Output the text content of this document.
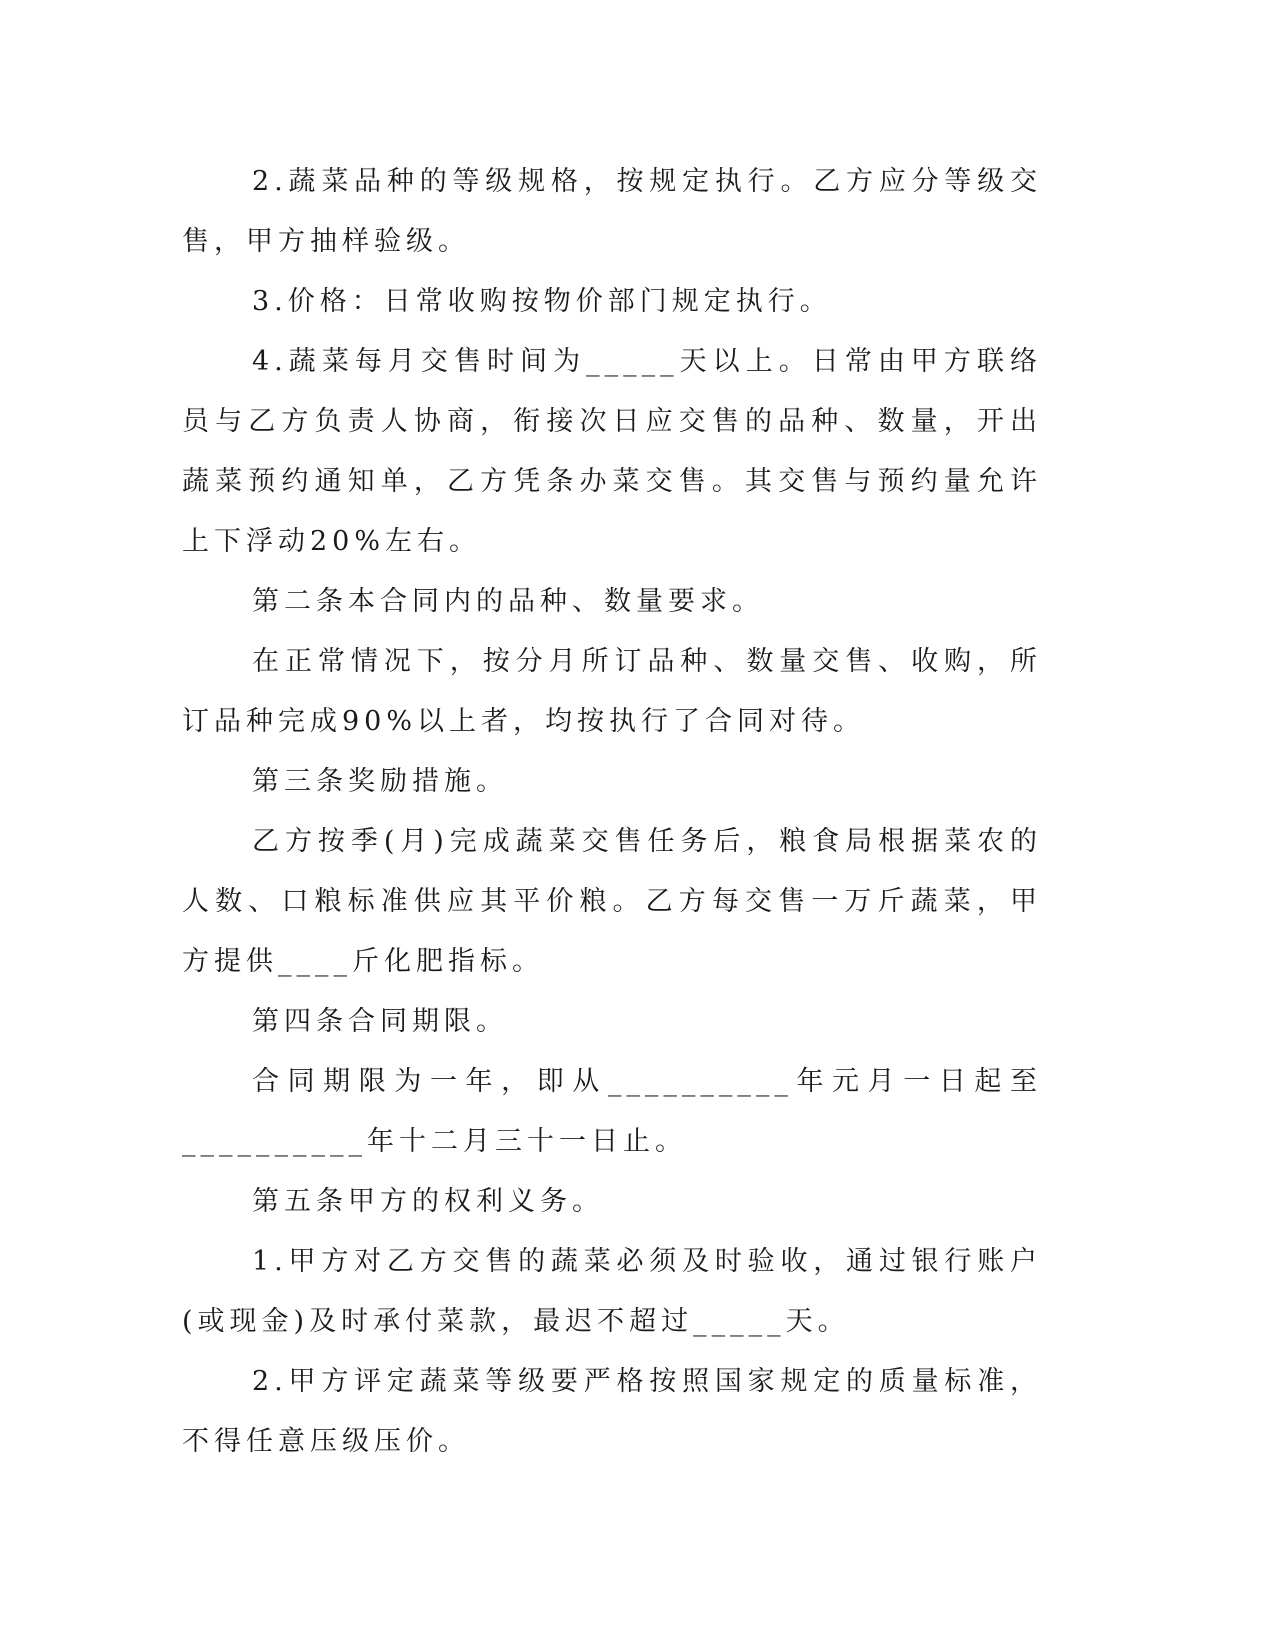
2.蔬菜品种的等级规格，按规定执行。乙方应分等级交售，甲方抽样验级。

3.价格：日常收购按物价部门规定执行。

4.蔬菜每月交售时间为_____天以上。日常由甲方联络员与乙方负责人协商，衔接次日应交售的品种、数量，开出蔬菜预约通知单，乙方凭条办菜交售。其交售与预约量允许上下浮动20%左右。

第二条本合同内的品种、数量要求。

在正常情况下，按分月所订品种、数量交售、收购，所订品种完成90%以上者，均按执行了合同对待。

第三条奖励措施。

乙方按季(月)完成蔬菜交售任务后，粮食局根据菜农的人数、口粮标准供应其平价粮。乙方每交售一万斤蔬菜，甲方提供____斤化肥指标。

第四条合同期限。

合同期限为一年，即从__________年元月一日起至__________年十二月三十一日止。

第五条甲方的权利义务。

1.甲方对乙方交售的蔬菜必须及时验收，通过银行账户(或现金)及时承付菜款，最迟不超过_____天。

2.甲方评定蔬菜等级要严格按照国家规定的质量标准，不得任意压级压价。
